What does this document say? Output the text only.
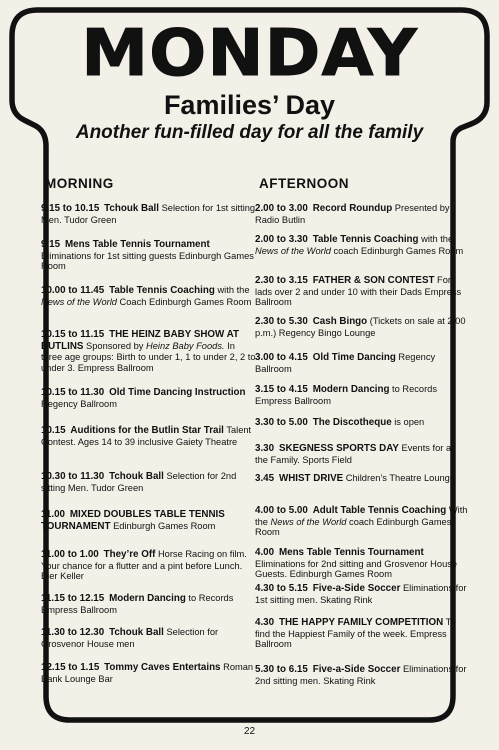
MONDAY
Families’ Day
Another fun-filled day for all the family
MORNING
9.15 to 10.15 Tchouk Ball Selection for 1st sitting Men. Tudor Green
9.15 Mens Table Tennis Tournament Eliminations for 1st sitting guests Edinburgh Games Room
10.00 to 11.45 Table Tennis Coaching with the News of the World Coach Edinburgh Games Room
10.15 to 11.15 THE HEINZ BABY SHOW AT BUTLINS Sponsored by Heinz Baby Foods. In three age groups: Birth to under 1, 1 to under 2, 2 to under 3. Empress Ballroom
10.15 to 11.30 Old Time Dancing Instruction Regency Ballroom
10.15 Auditions for the Butlin Star Trail Talent Contest. Ages 14 to 39 inclusive Gaiety Theatre
10.30 to 11.30 Tchouk Ball Selection for 2nd sitting Men. Tudor Green
11.00 MIXED DOUBLES TABLE TENNIS TOURNAMENT Edinburgh Games Room
11.00 to 1.00 They’re Off Horse Racing on film. Your chance for a flutter and a pint before Lunch. Bier Keller
11.15 to 12.15 Modern Dancing to Records Empress Ballroom
11.30 to 12.30 Tchouk Ball Selection for Grosvenor House men
12.15 to 1.15 Tommy Caves Entertains Roman Bank Lounge Bar
AFTERNOON
2.00 to 3.00 Record Roundup Presented by Radio Butlin
2.00 to 3.30 Table Tennis Coaching with the News of the World coach Edinburgh Games Room
2.30 to 3.15 FATHER & SON CONTEST For lads over 2 and under 10 with their Dads Empress Ballroom
2.30 to 5.30 Cash Bingo (Tickets on sale at 2.00 p.m.) Regency Bingo Lounge
3.00 to 4.15 Old Time Dancing Regency Ballroom
3.15 to 4.15 Modern Dancing to Records Empress Ballroom
3.30 to 5.00 The Discotheque is open
3.30 SKEGNESS SPORTS DAY Events for all the Family. Sports Field
3.45 WHIST DRIVE Children’s Theatre Lounge
4.00 to 5.00 Adult Table Tennis Coaching With the News of the World coach Edinburgh Games Room
4.00 Mens Table Tennis Tournament Eliminations for 2nd sitting and Grosvenor House Guests. Edinburgh Games Room
4.30 to 5.15 Five-a-Side Soccer Eliminations for 1st sitting men. Skating Rink
4.30 THE HAPPY FAMILY COMPETITION To find the Happiest Family of the week. Empress Ballroom
5.30 to 6.15 Five-a-Side Soccer Eliminations for 2nd sitting men. Skating Rink
22
